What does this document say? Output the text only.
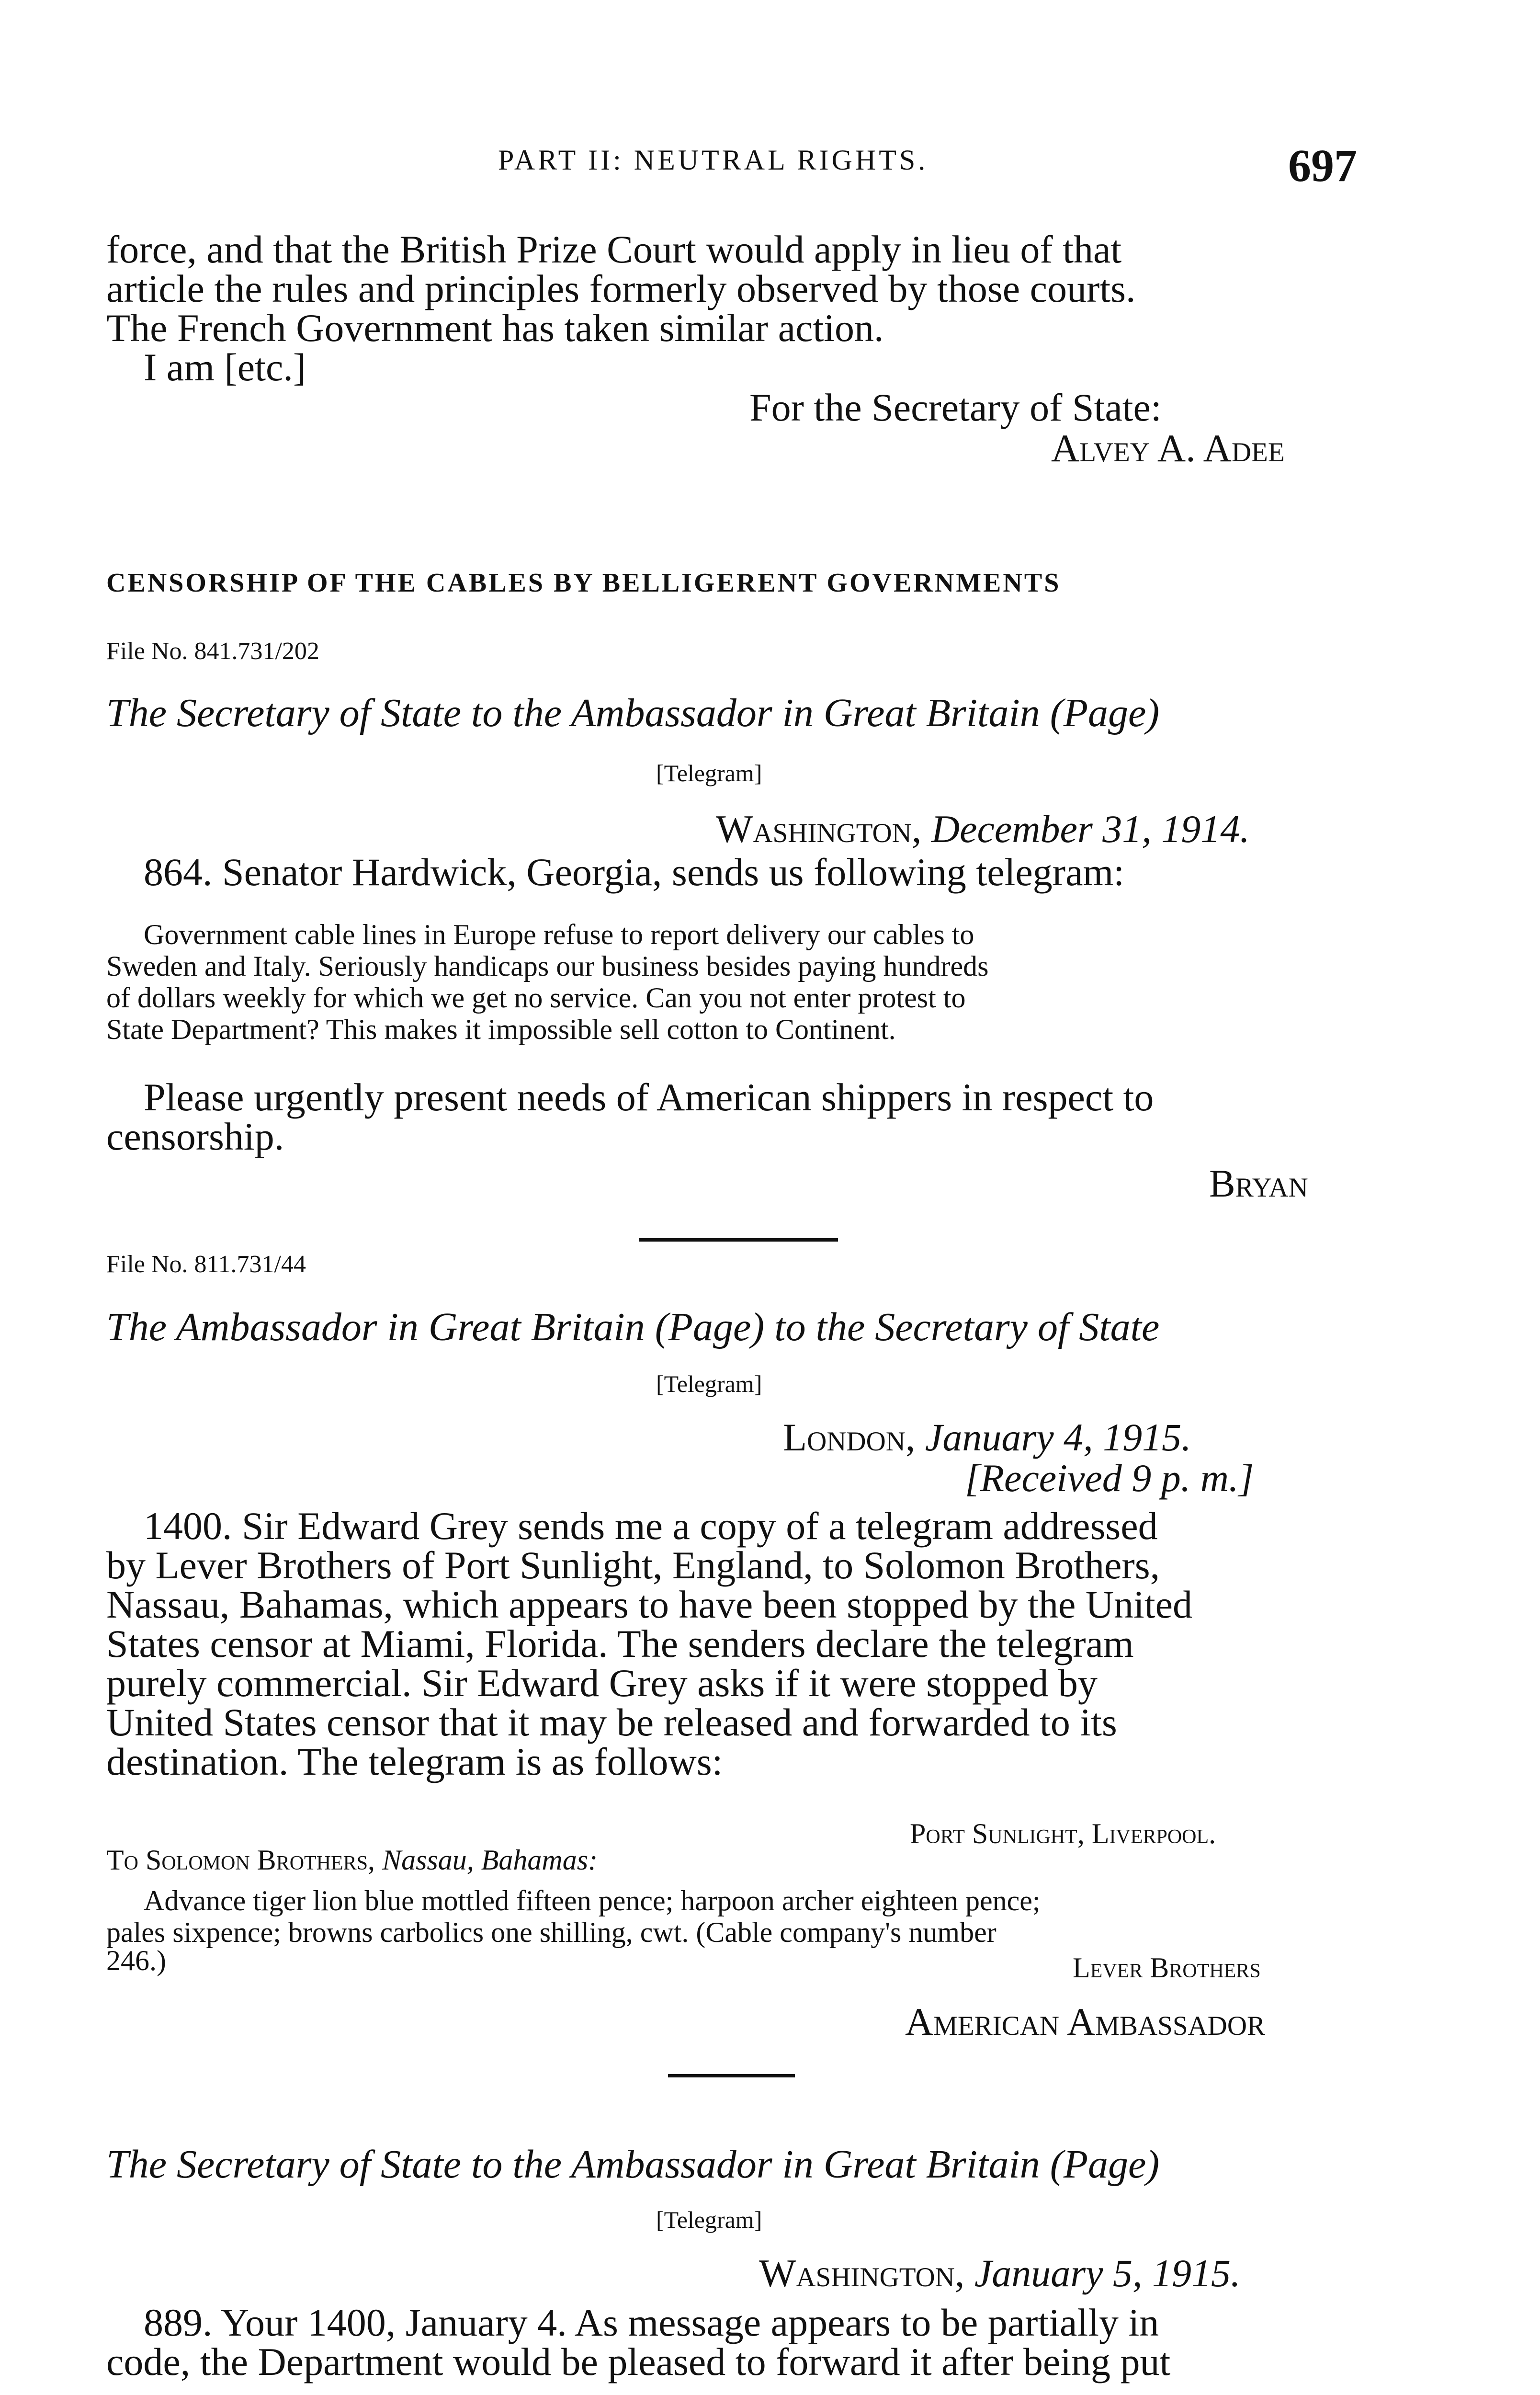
PART II: NEUTRAL RIGHTS.	697
force, and that the British Prize Court would apply in lieu of that
article the rules and principles formerly observed by those courts.
The French Government has taken similar action.
I am [etc.]
For the Secretary of State:
Alvey A. Adee
CENSORSHIP OF THE CABLES BY BELLIGERENT GOVERNMENTS
File No. 841.731/202
The Secretary of State to the Ambassador in Great Britain (Page)
[Telegram]
Washington, December 31, 1914.
864. Senator Hardwick, Georgia, sends us following telegram:
Government cable lines in Europe refuse to report delivery our cables to
Sweden and Italy. Seriously handicaps our business besides paying hundreds
of dollars weekly for which we get no service. Can you not enter protest to
State Department? This makes it impossible sell cotton to Continent.
Please urgently present needs of American shippers in respect to
censorship.
Bryan
File No. 811.731/44
The Ambassador in Great Britain (Page) to the Secretary of State
[Telegram]
London, January 4, 1915.
[Received 9 p. m.]
1400. Sir Edward Grey sends me a copy of a telegram addressed
by Lever Brothers of Port Sunlight, England, to Solomon Brothers,
Nassau, Bahamas, which appears to have been stopped by the United
States censor at Miami, Florida. The senders declare the telegram
purely commercial. Sir Edward Grey asks if it were stopped by
United States censor that it may be released and forwarded to its
destination. The telegram is as follows:
Port Sunlight, Liverpool.
To Solomon Brothers, Nassau, Bahamas:
Advance tiger lion blue mottled fifteen pence; harpoon archer eighteen pence;
pales sixpence; browns carbolics one shilling, cwt. (Cable company's number
246.)	Lever Brothers
American Ambassador
The Secretary of State to the Ambassador in Great Britain (Page)
[Telegram]
Washington, January 5, 1915.
889. Your 1400, January 4. As message appears to be partially in
code, the Department would be pleased to forward it after being put
